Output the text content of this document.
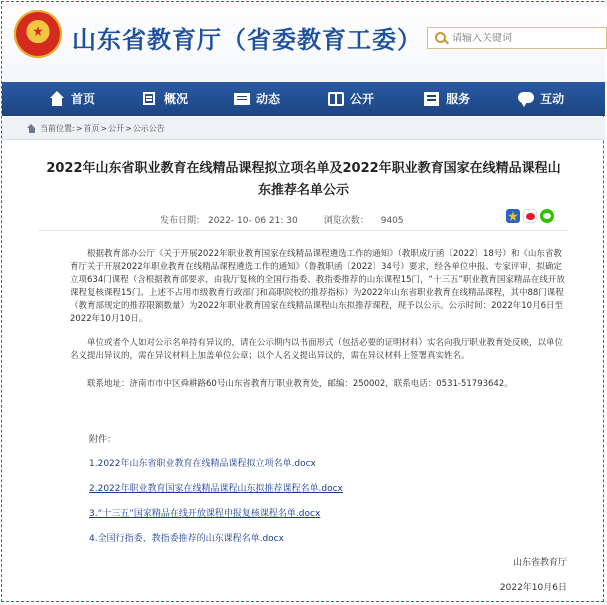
山东省教育厅（省委教育工委）
请输入关键词
首页	概况	动态	公开	服务	互动
当前位置: > 首页 > 公开 > 公示公告
2022年山东省职业教育在线精品课程拟立项名单及2022年职业教育国家在线精品课程山东推荐名单公示
发布日期： 2022- 10- 06 21: 30	浏览次数： 9405
根据教育部办公厅《关于开展2022年职业教育国家在线精品课程遴选工作的通知》（教职成厅函〔2022〕18号）和《山东省教育厅关于开展2022年职业教育在线精品课程遴选工作的通知》（鲁教职函〔2022〕34号）要求，经各单位申报、专家评审，拟确定立项634门课程（含根据教育部要求，由我厅复核的全国行指委、教指委推荐的山东课程15门，“十三五”职业教育国家精品在线开放课程复核课程15门。上述不占用市级教育行政部门和高职院校的推荐指标）为2022年山东省职业教育在线精品课程，其中88门课程（教育部规定的推荐限额数量）为2022年职业教育国家在线精品课程山东拟推荐课程，现予以公示。公示时间：2022年10月6日至2022年10月10日。
单位或者个人如对公示名单持有异议的，请在公示期内以书面形式（包括必要的证明材料）实名向我厅职业教育处反映，以单位名义提出异议的，需在异议材料上加盖单位公章；以个人名义提出异议的，需在异议材料上签署真实姓名。
联系地址：济南市市中区舜耕路60号山东省教育厅职业教育处，邮编：250002，联系电话：0531-51793642。
附件：
1.2022年山东省职业教育在线精品课程拟立项名单.docx
2.2022年职业教育国家在线精品课程山东拟推荐课程名单.docx
3.“十三五”国家精品在线开放课程申报复核课程名单.docx
4.全国行指委、教指委推荐的山东课程名单.docx
山东省教育厅
2022年10月6日
